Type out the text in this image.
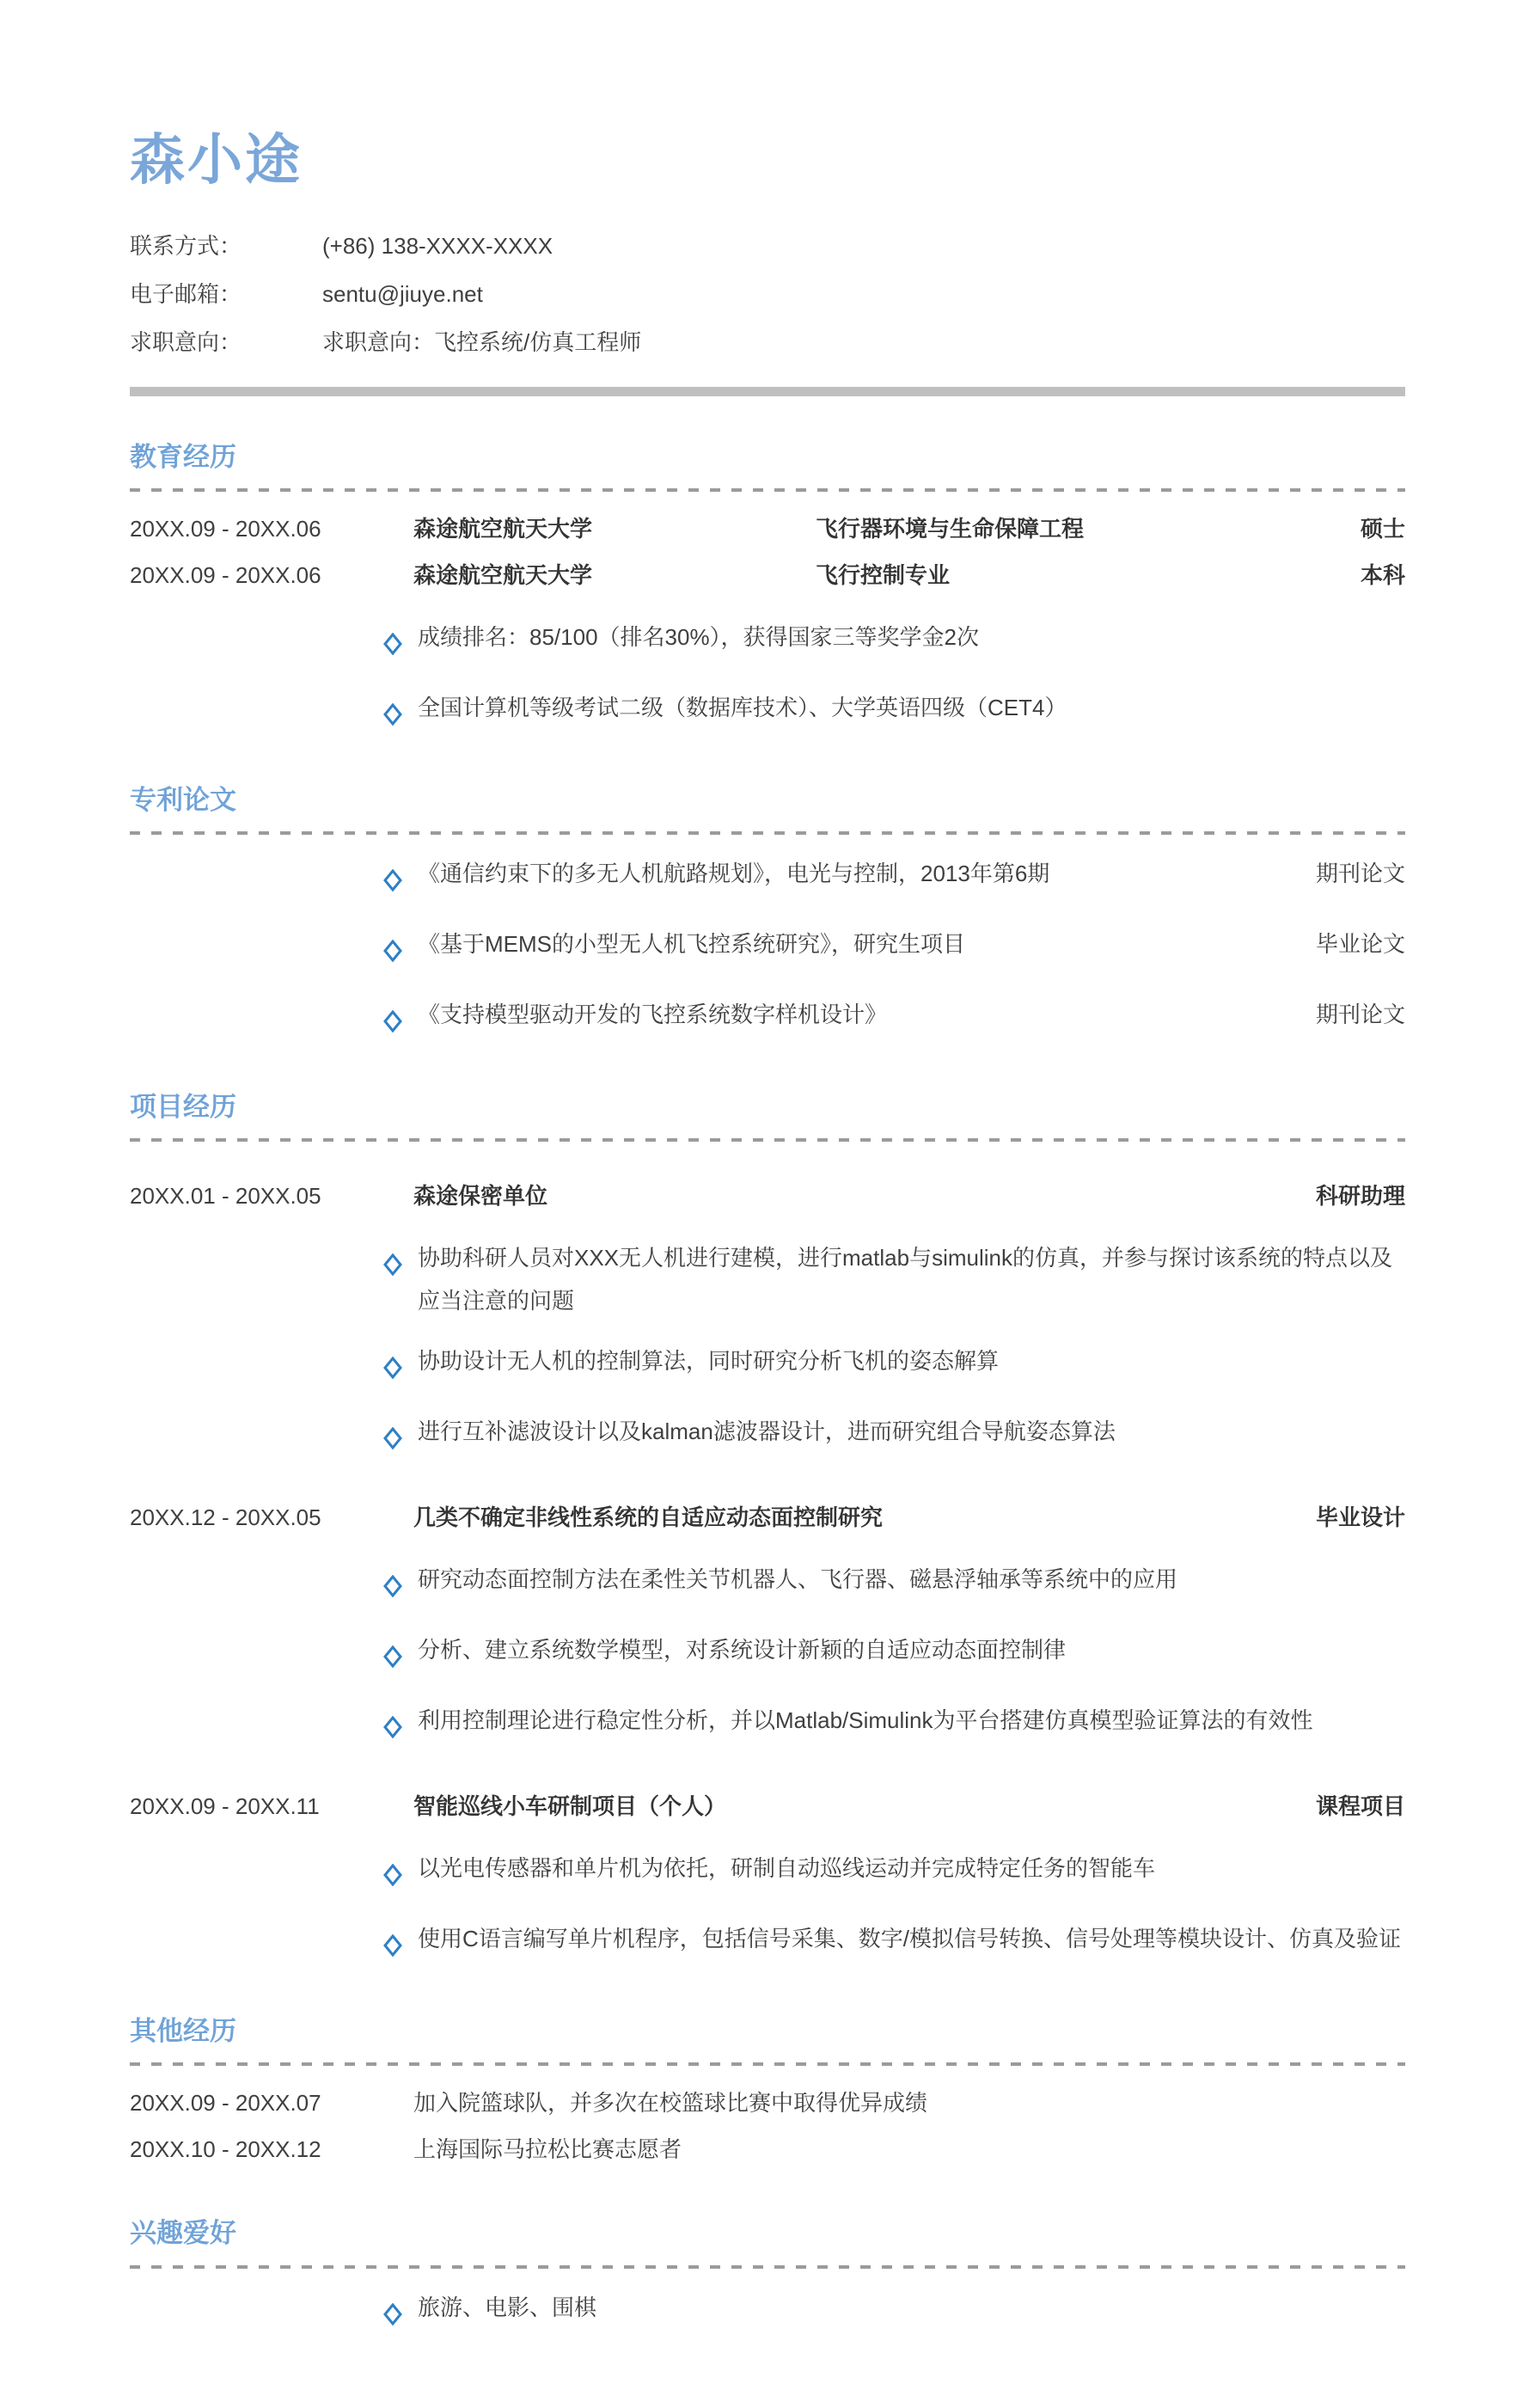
森小途
联系方式：	(+86) 138-XXXX-XXXX
电子邮箱：	sentu@jiuye.net
求职意向：	求职意向：飞控系统/仿真工程师
教育经历
20XX.09 - 20XX.06	森途航空航天大学	飞行器环境与生命保障工程	硕士
20XX.09 - 20XX.06	森途航空航天大学	飞行控制专业	本科
成绩排名：85/100（排名30%），获得国家三等奖学金2次
全国计算机等级考试二级（数据库技术）、大学英语四级（CET4）
专利论文
《通信约束下的多无人机航路规划》，电光与控制，2013年第6期	期刊论文
《基于MEMS的小型无人机飞控系统研究》，研究生项目	毕业论文
《支持模型驱动开发的飞控系统数字样机设计》	期刊论文
项目经历
20XX.01 - 20XX.05	森途保密单位	科研助理
协助科研人员对XXX无人机进行建模，进行matlab与simulink的仿真，并参与探讨该系统的特点以及应当注意的问题
协助设计无人机的控制算法，同时研究分析飞机的姿态解算
进行互补滤波设计以及kalman滤波器设计，进而研究组合导航姿态算法
20XX.12 - 20XX.05	几类不确定非线性系统的自适应动态面控制研究	毕业设计
研究动态面控制方法在柔性关节机器人、飞行器、磁悬浮轴承等系统中的应用
分析、建立系统数学模型，对系统设计新颖的自适应动态面控制律
利用控制理论进行稳定性分析，并以Matlab/Simulink为平台搭建仿真模型验证算法的有效性
20XX.09 - 20XX.11	智能巡线小车研制项目（个人）	课程项目
以光电传感器和单片机为依托，研制自动巡线运动并完成特定任务的智能车
使用C语言编写单片机程序，包括信号采集、数字/模拟信号转换、信号处理等模块设计、仿真及验证
其他经历
20XX.09 - 20XX.07	加入院篮球队，并多次在校篮球比赛中取得优异成绩
20XX.10 - 20XX.12	上海国际马拉松比赛志愿者
兴趣爱好
旅游、电影、围棋
